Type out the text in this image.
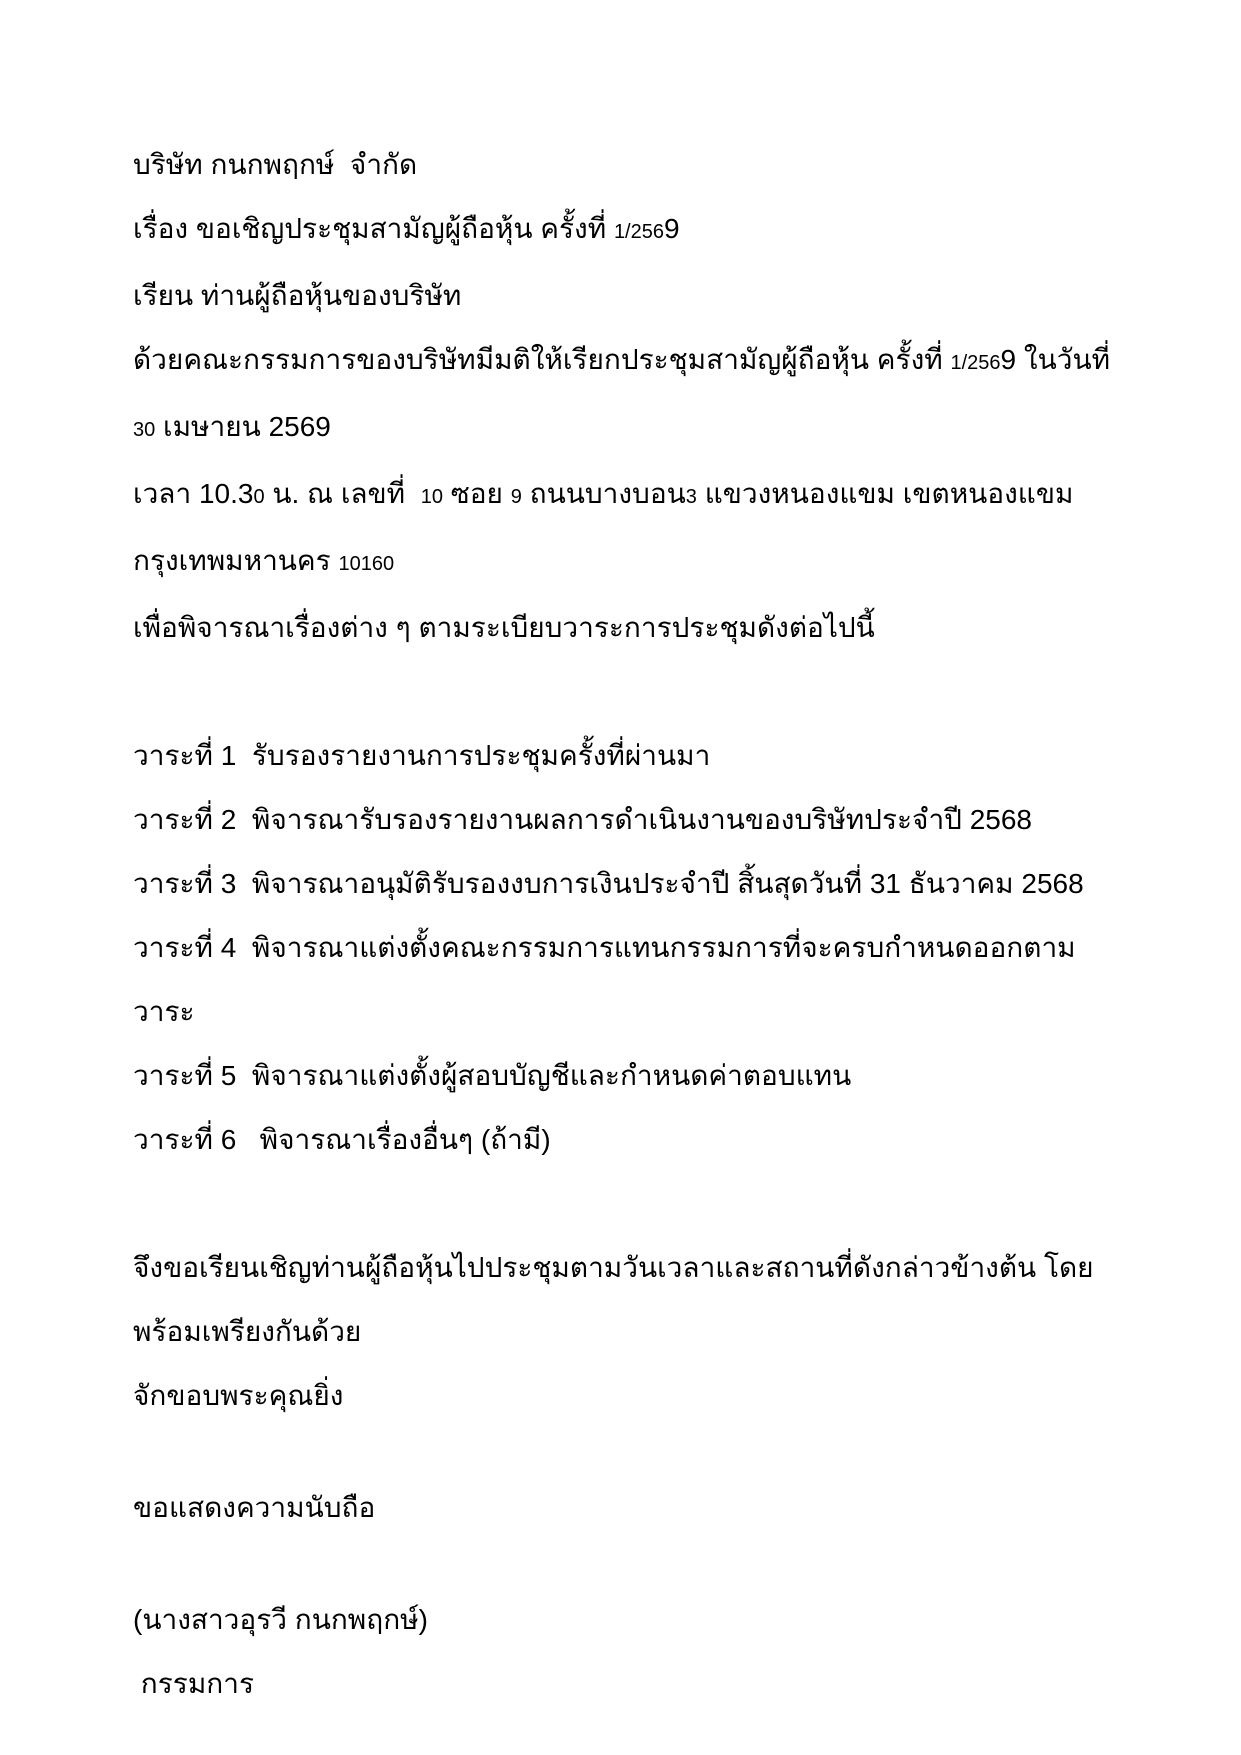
บริษัท กนกพฤกษ์  จำกัด

เรื่อง ขอเชิญประชุมสามัญผู้ถือหุ้น ครั้งที่ 1/2569

เรียน ท่านผู้ถือหุ้นของบริษัท

ด้วยคณะกรรมการของบริษัทมีมติให้เรียกประชุมสามัญผู้ถือหุ้น ครั้งที่ 1/2569 ในวันที่ 30 เมษายน 2569

เวลา 10.30 น. ณ เลขที่  10 ซอย 9 ถนนบางบอน3 แขวงหนองแขม เขตหนองแขม กรุงเทพมหานคร 10160

เพื่อพิจารณาเรื่องต่าง ๆ ตามระเบียบวาระการประชุมดังต่อไปนี้

วาระที่ 1  รับรองรายงานการประชุมครั้งที่ผ่านมา

วาระที่ 2  พิจารณารับรองรายงานผลการดำเนินงานของบริษัทประจำปี 2568

วาระที่ 3  พิจารณาอนุมัติรับรองงบการเงินประจำปี สิ้นสุดวันที่ 31 ธันวาคม 2568

วาระที่ 4  พิจารณาแต่งตั้งคณะกรรมการแทนกรรมการที่จะครบกำหนดออกตามวาระ

วาระที่ 5  พิจารณาแต่งตั้งผู้สอบบัญชีและกำหนดค่าตอบแทน

วาระที่ 6   พิจารณาเรื่องอื่นๆ (ถ้ามี)

จึงขอเรียนเชิญท่านผู้ถือหุ้นไปประชุมตามวันเวลาและสถานที่ดังกล่าวข้างต้น โดยพร้อมเพรียงกันด้วย

จักขอบพระคุณยิ่ง

ขอแสดงความนับถือ

(นางสาวอุรวี กนกพฤกษ์)

กรรมการ
